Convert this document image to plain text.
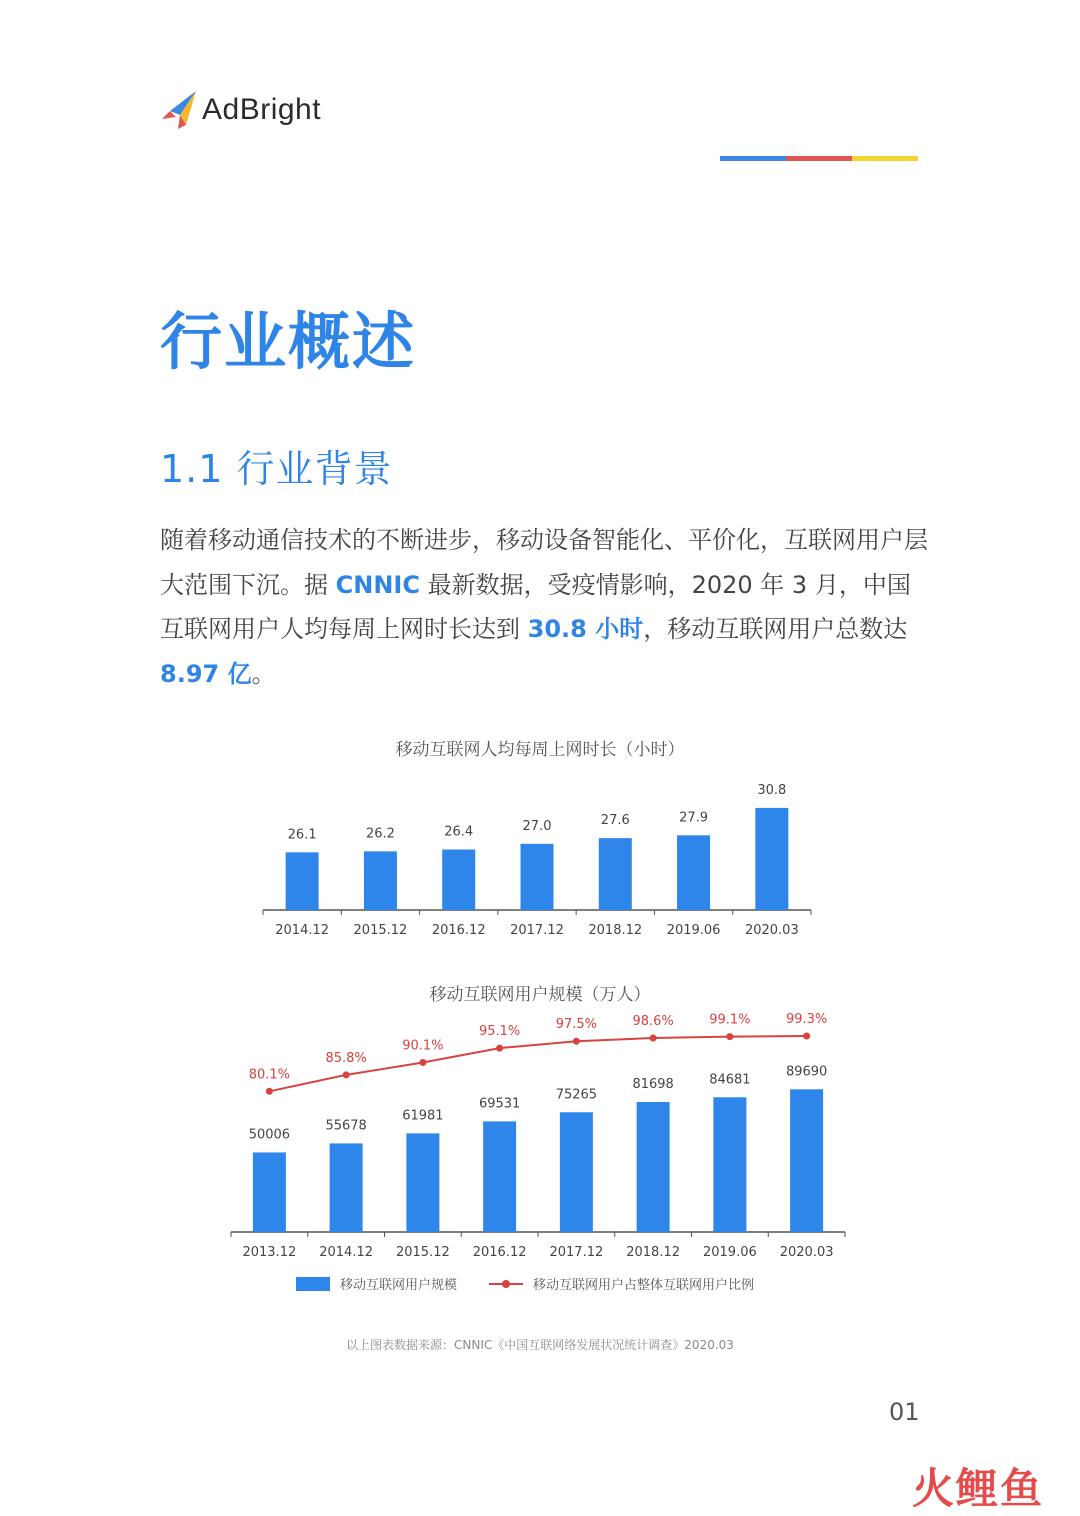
AdBright
行业概述
1.1 行业背景
随着移动通信技术的不断进步，移动设备智能化、平价化，互联网用户层大范围下沉。据 CNNIC 最新数据，受疫情影响，2020 年 3 月，中国互联网用户人均每周上网时长达到 30.8 小时，移动互联网用户总数达 8.97 亿。
移动互联网人均每周上网时长（小时）
26.1
2014.12
26.2
2015.12
26.4
2016.12
27.0
2017.12
27.6
2018.12
27.9
2019.06
30.8
2020.03
移动互联网用户规模（万人）
50006
2013.12
55678
2014.12
61981
2015.12
69531
2016.12
75265
2017.12
81698
2018.12
84681
2019.06
89690
2020.03
80.1%
85.8%
90.1%
95.1%	97.5%	98.6%	99.1%	99.3%
移动互联网用户规模	移动互联网用户占整体互联网用户比例
以上图表数据来源：CNNIC《中国互联网络发展状况统计调查》2020.03
01
火鲤鱼
